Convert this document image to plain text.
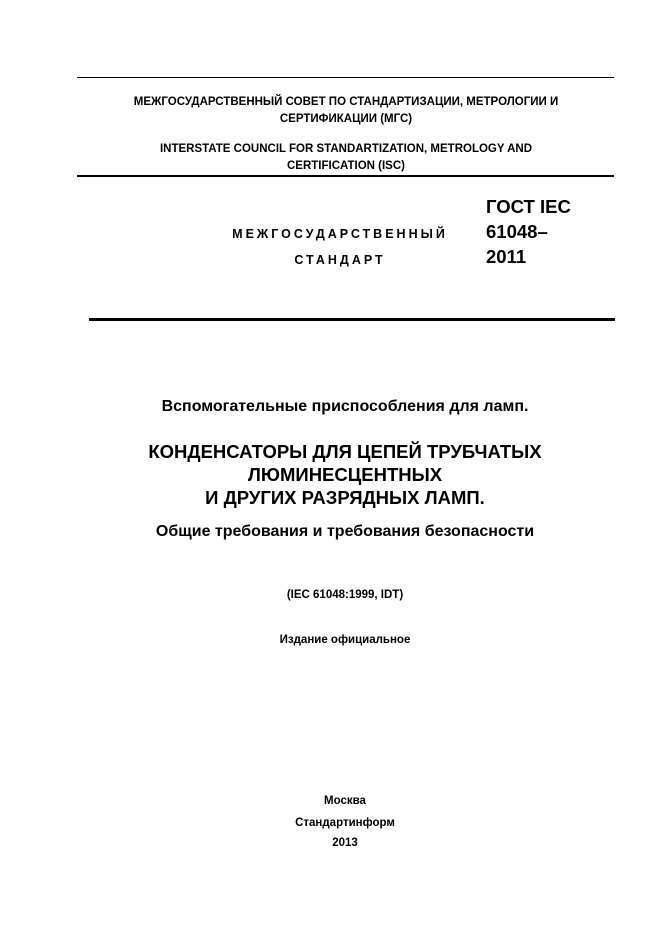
МЕЖГОСУДАРСТВЕННЫЙ СОВЕТ ПО СТАНДАРТИЗАЦИИ, МЕТРОЛОГИИ И
СЕРТИФИКАЦИИ (МГС)
INTERSTATE COUNCIL FOR STANDARTIZATION, METROLOGY AND
CERTIFICATION (ISC)
МЕЖГОСУДАРСТВЕННЫЙ
СТАНДАРТ
ГОСТ IEC
61048–
2011
Вспомогательные приспособления для ламп.
КОНДЕНСАТОРЫ ДЛЯ ЦЕПЕЙ ТРУБЧАТЫХ
ЛЮМИНЕСЦЕНТНЫХ
И ДРУГИХ РАЗРЯДНЫХ ЛАМП.
Общие требования и требования безопасности
(IEC 61048:1999, IDT)
Издание официальное
Москва
Стандартинформ
2013
